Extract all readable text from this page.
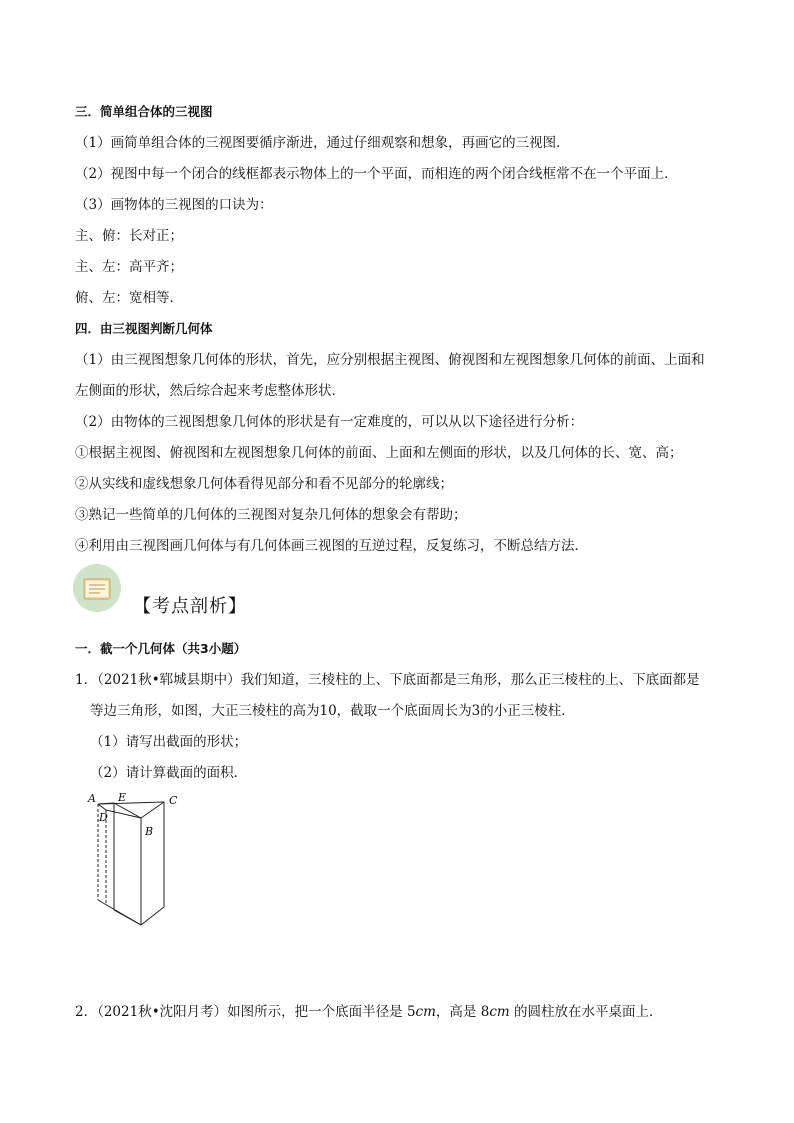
三．简单组合体的三视图
（1）画简单组合体的三视图要循序渐进，通过仔细观察和想象，再画它的三视图．
（2）视图中每一个闭合的线框都表示物体上的一个平面，而相连的两个闭合线框常不在一个平面上．
（3）画物体的三视图的口诀为：
主、俯：长对正；
主、左：高平齐；
俯、左：宽相等．
四．由三视图判断几何体
（1）由三视图想象几何体的形状，首先，应分别根据主视图、俯视图和左视图想象几何体的前面、上面和
左侧面的形状，然后综合起来考虑整体形状．
（2）由物体的三视图想象几何体的形状是有一定难度的，可以从以下途径进行分析：
①根据主视图、俯视图和左视图想象几何体的前面、上面和左侧面的形状，以及几何体的长、宽、高；
②从实线和虚线想象几何体看得见部分和看不见部分的轮廓线；
③熟记一些简单的几何体的三视图对复杂几何体的想象会有帮助；
④利用由三视图画几何体与有几何体画三视图的互逆过程，反复练习，不断总结方法．
【考点剖析】
一．截一个几何体（共3小题）
1．（2021秋•郓城县期中）我们知道，三棱柱的上、下底面都是三角形，那么正三棱柱的上、下底面都是
等边三角形，如图，大正三棱柱的高为10，截取一个底面周长为3的小正三棱柱．
（1）请写出截面的形状；
（2）请计算截面的面积．
A E	C
D
B
2．（2021秋•沈阳月考）如图所示，把一个底面半径是 5cm，高是 8cm 的圆柱放在水平桌面上．
